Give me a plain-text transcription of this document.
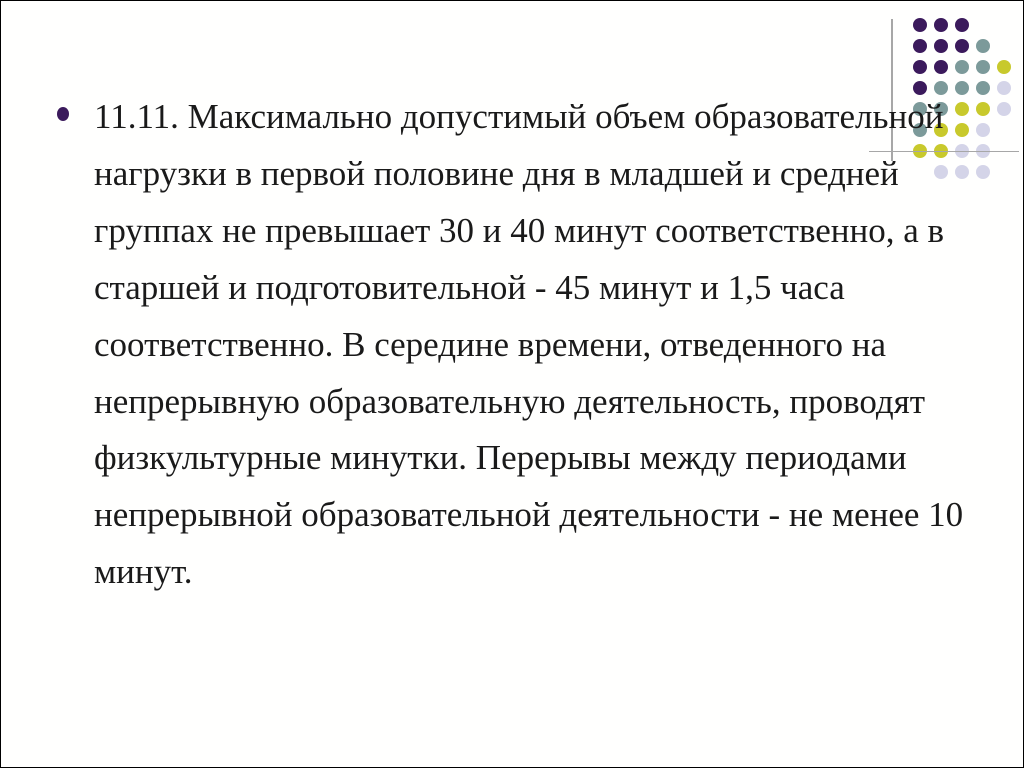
11.11. Максимально допустимый объем образовательной нагрузки в первой половине дня в младшей и средней группах не превышает 30 и 40 минут соответственно, а в старшей и подготовительной - 45 минут и 1,5 часа соответственно. В середине времени, отведенного на непрерывную образовательную деятельность, проводят физкультурные минутки. Перерывы между периодами непрерывной образовательной деятельности - не менее 10 минут.
